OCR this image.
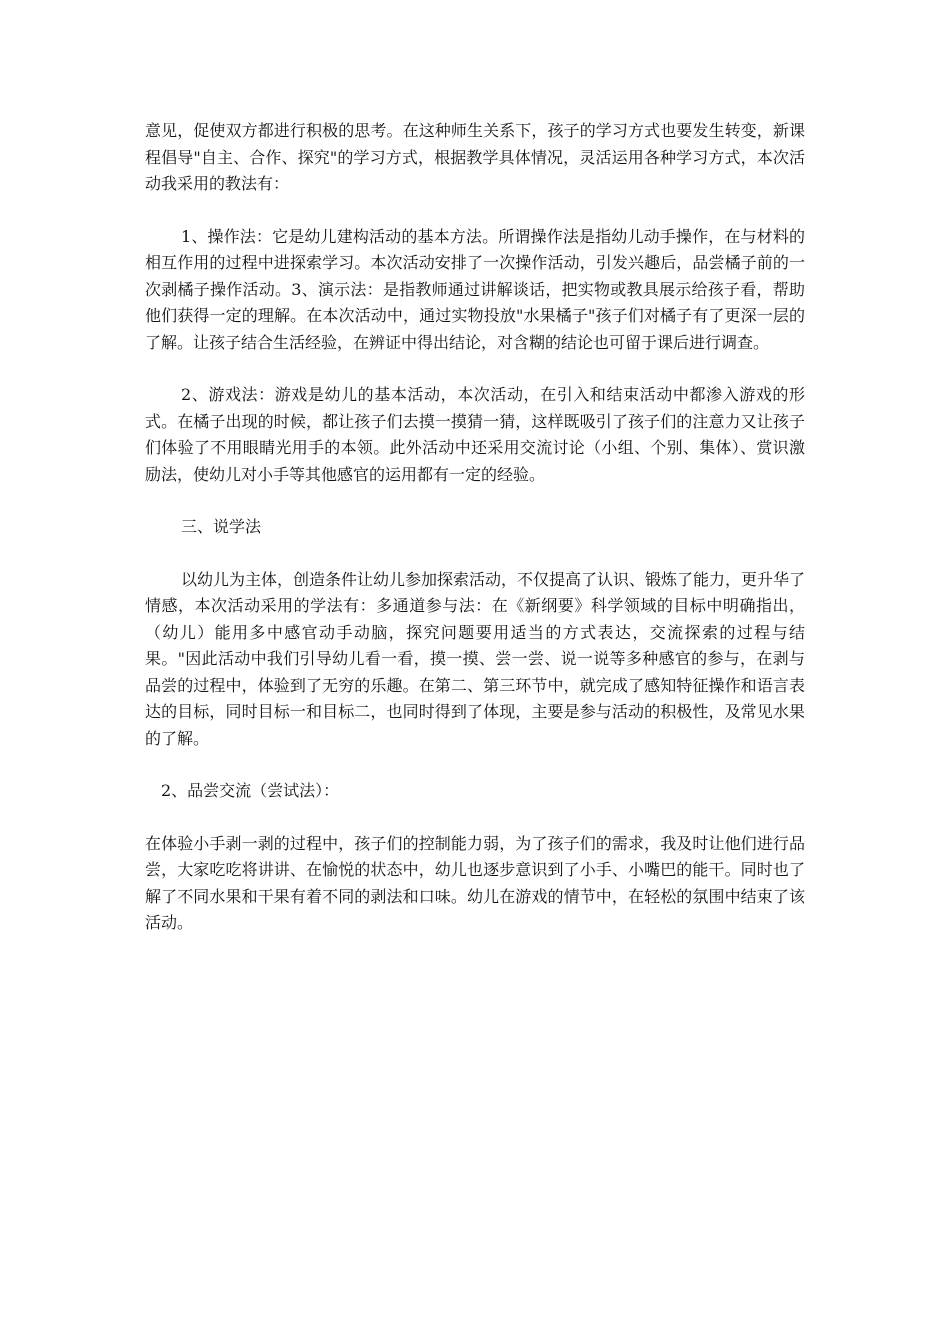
意见，促使双方都进行积极的思考。在这种师生关系下，孩子的学习方式也要发生转变，新课程倡导"自主、合作、探究"的学习方式，根据教学具体情况，灵活运用各种学习方式，本次活动我采用的教法有：

1、操作法：它是幼儿建构活动的基本方法。所谓操作法是指幼儿动手操作，在与材料的相互作用的过程中进探索学习。本次活动安排了一次操作活动，引发兴趣后，品尝橘子前的一次剥橘子操作活动。3、演示法：是指教师通过讲解谈话，把实物或教具展示给孩子看，帮助他们获得一定的理解。在本次活动中，通过实物投放"水果橘子"孩子们对橘子有了更深一层的了解。让孩子结合生活经验，在辨证中得出结论，对含糊的结论也可留于课后进行调查。

2、游戏法：游戏是幼儿的基本活动，本次活动，在引入和结束活动中都渗入游戏的形式。在橘子出现的时候，都让孩子们去摸一摸猜一猜，这样既吸引了孩子们的注意力又让孩子们体验了不用眼睛光用手的本领。此外活动中还采用交流讨论（小组、个别、集体）、赏识激励法，使幼儿对小手等其他感官的运用都有一定的经验。

三、说学法

以幼儿为主体，创造条件让幼儿参加探索活动，不仅提高了认识、锻炼了能力，更升华了情感，本次活动采用的学法有：多通道参与法：在《新纲要》科学领域的目标中明确指出，（幼儿）能用多中感官动手动脑，探究问题要用适当的方式表达，交流探索的过程与结果。"因此活动中我们引导幼儿看一看，摸一摸、尝一尝、说一说等多种感官的参与，在剥与品尝的过程中，体验到了无穷的乐趣。在第二、第三环节中，就完成了感知特征操作和语言表达的目标，同时目标一和目标二，也同时得到了体现，主要是参与活动的积极性，及常见水果的了解。

2、品尝交流（尝试法）：

在体验小手剥一剥的过程中，孩子们的控制能力弱，为了孩子们的需求，我及时让他们进行品尝，大家吃吃将讲讲、在愉悦的状态中，幼儿也逐步意识到了小手、小嘴巴的能干。同时也了解了不同水果和干果有着不同的剥法和口味。幼儿在游戏的情节中，在轻松的氛围中结束了该活动。
